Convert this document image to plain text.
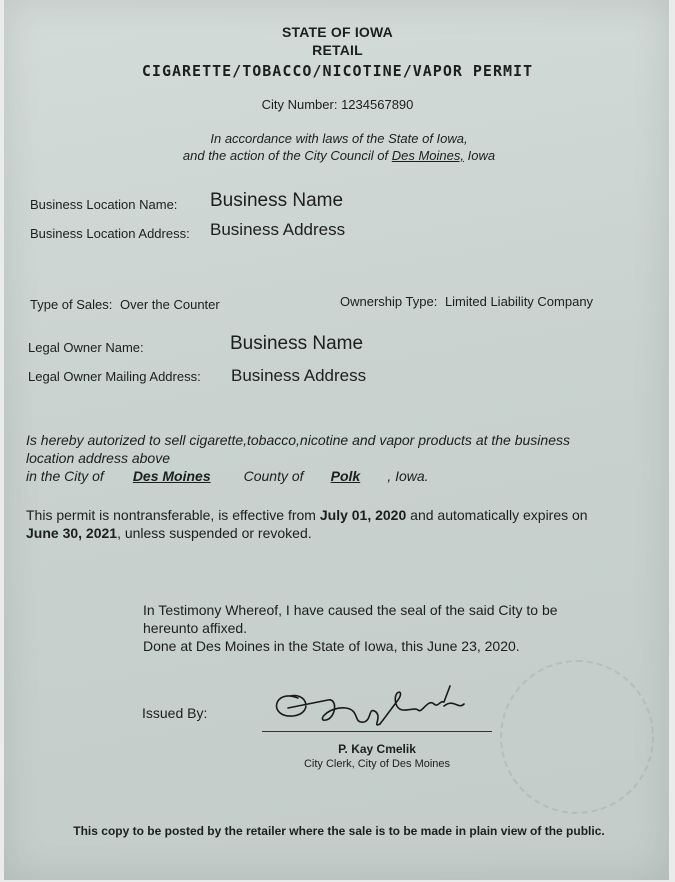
STATE OF IOWA
RETAIL
CIGARETTE/TOBACCO/NICOTINE/VAPOR PERMIT
City Number: 1234567890
In accordance with laws of the State of Iowa,
and the action of the City Council of Des Moines, Iowa
Business Location Name: Business Name
Business Location Address: Business Address
Type of Sales: Over the Counter	Ownership Type: Limited Liability Company
Legal Owner Name:	Business Name
Legal Owner Mailing Address: Business Address
Is hereby autorized to sell cigarette,tobacco,nicotine and vapor products at the business
location address above
in the City of Des Moines County of Polk , Iowa.
This permit is nontransferable, is effective from July 01, 2020 and automatically expires on
June 30, 2021, unless suspended or revoked.
In Testimony Whereof, I have caused the seal of the said City to be
hereunto affixed.
Done at Des Moines in the State of Iowa, this June 23, 2020.
Issued By:
P. Kay Cmelik
City Clerk, City of Des Moines
This copy to be posted by the retailer where the sale is to be made in plain view of the public.
